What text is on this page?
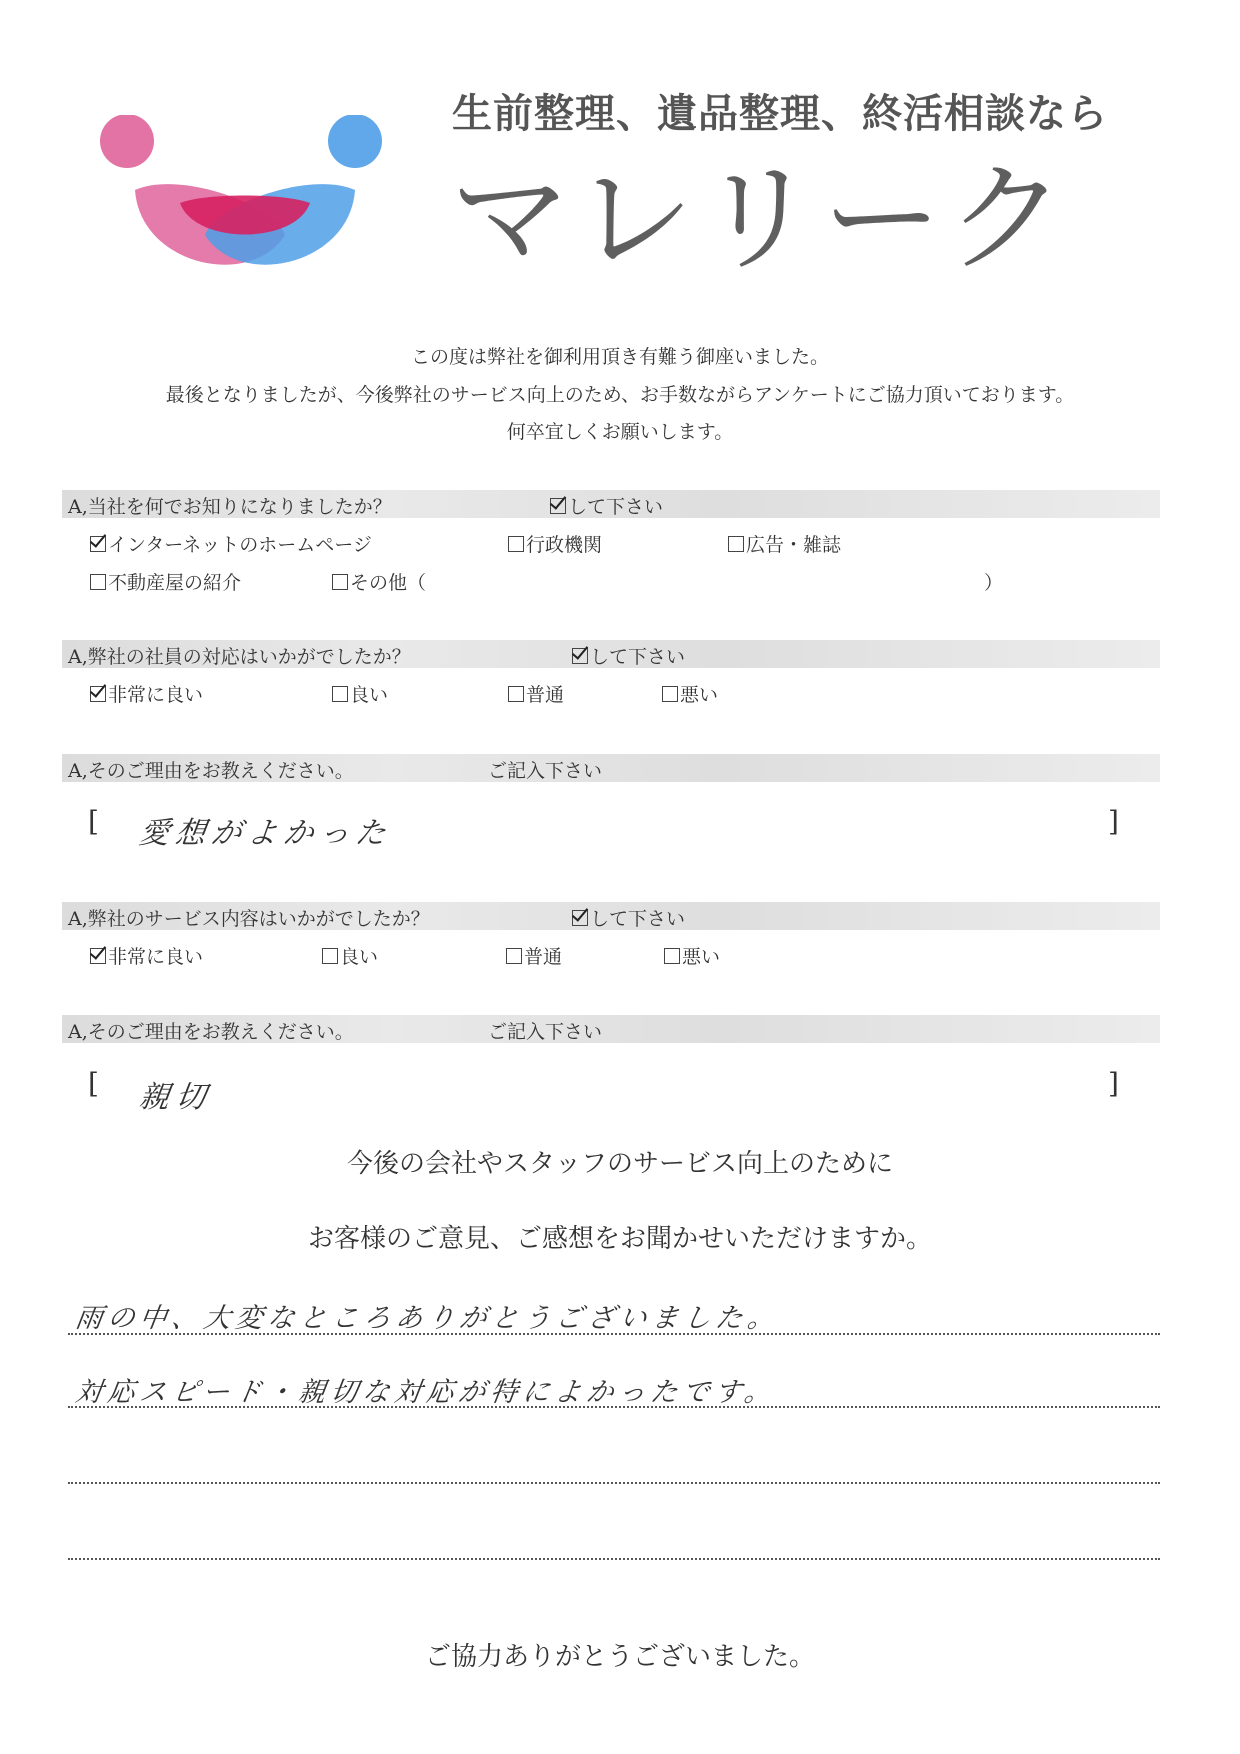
生前整理、遺品整理、終活相談なら
マレリーク
この度は弊社を御利用頂き有難う御座いました。
最後となりましたが、今後弊社のサービス向上のため、お手数ながらアンケートにご協力頂いております。
何卒宜しくお願いします。
A,当社を何でお知りになりましたか？	して下さい
インターネットのホームページ	行政機関	広告・雑誌
不動産屋の紹介	その他（	）
A,弊社の社員の対応はいかがでしたか？	して下さい
非常に良い	良い	普通	悪い
A,そのご理由をお教えください。	ご記入下さい
[ 愛想がよかった	]
A,弊社のサービス内容はいかがでしたか？	して下さい
非常に良い	良い	普通	悪い
A,そのご理由をお教えください。	ご記入下さい
[ 親切	]
今後の会社やスタッフのサービス向上のために
お客様のご意見、ご感想をお聞かせいただけますか。
雨の中、大変なところありがとうございました。
対応スピード・親切な対応が特によかったです。
ご協力ありがとうございました。
